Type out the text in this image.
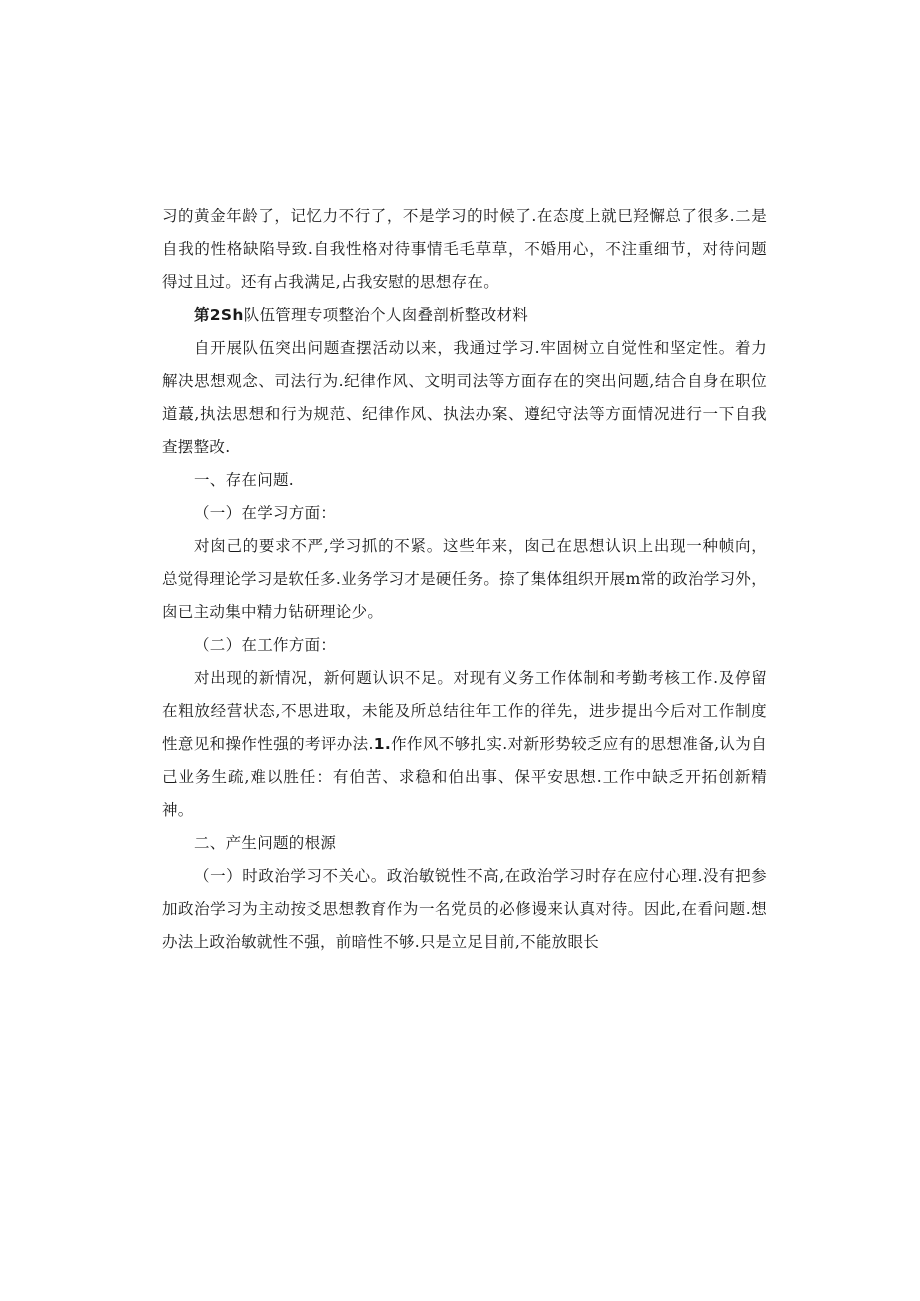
习的黄金年龄了，记忆力不行了，不是学习的时候了.在态度上就巳羟懈总了很多.二是自我的性格缺陷导致.自我性格对待事情毛毛草草，不婚用心，不注重细节，对待问题得过且过。还有占我满足,占我安慰的思想存在。

第2Sh队伍管理专项整治个人囱叠剖析整改材料

自开展队伍突出问题查摆活动以来，我通过学习.牢固树立自觉性和坚定性。着力解决思想观念、司法行为.纪律作风、文明司法等方面存在的突出问题,结合自身在职位道蕞,执法思想和行为规范、纪律作风、执法办案、遵纪守法等方面情况进行一下自我查摆整改.

一、存在问题.

（一）在学习方面：

对囱己的要求不严,学习抓的不紧。这些年来，囱己在思想认识上出现一种帧向，总觉得理论学习是软任多.业务学习才是硬任务。捺了集体组织开展m常的政治学习外，囱已主动集中精力钻研理论少。

（二）在工作方面：

对出现的新情况，新何题认识不足。对现有义务工作体制和考勤考核工作.及停留在粗放经营状态,不思进取，未能及所总结往年工作的徉先，进步提出今后对工作制度性意见和操作性强的考评办法.1.作作风不够扎实.对新形势较乏应有的思想准备,认为自己业务生疏,难以胜任：有伯苦、求稳和伯出事、保平安思想.工作中缺乏开拓创新精神。

二、产生问题的根源

（一）时政治学习不关心。政治敏锐性不高,在政治学习时存在应付心理.没有把参加政治学习为主动按爻思想教育作为一名党员的必修谩来认真对待。因此,在看问题.想办法上政治敏就性不强，前暗性不够.只是立足目前,不能放眼长
